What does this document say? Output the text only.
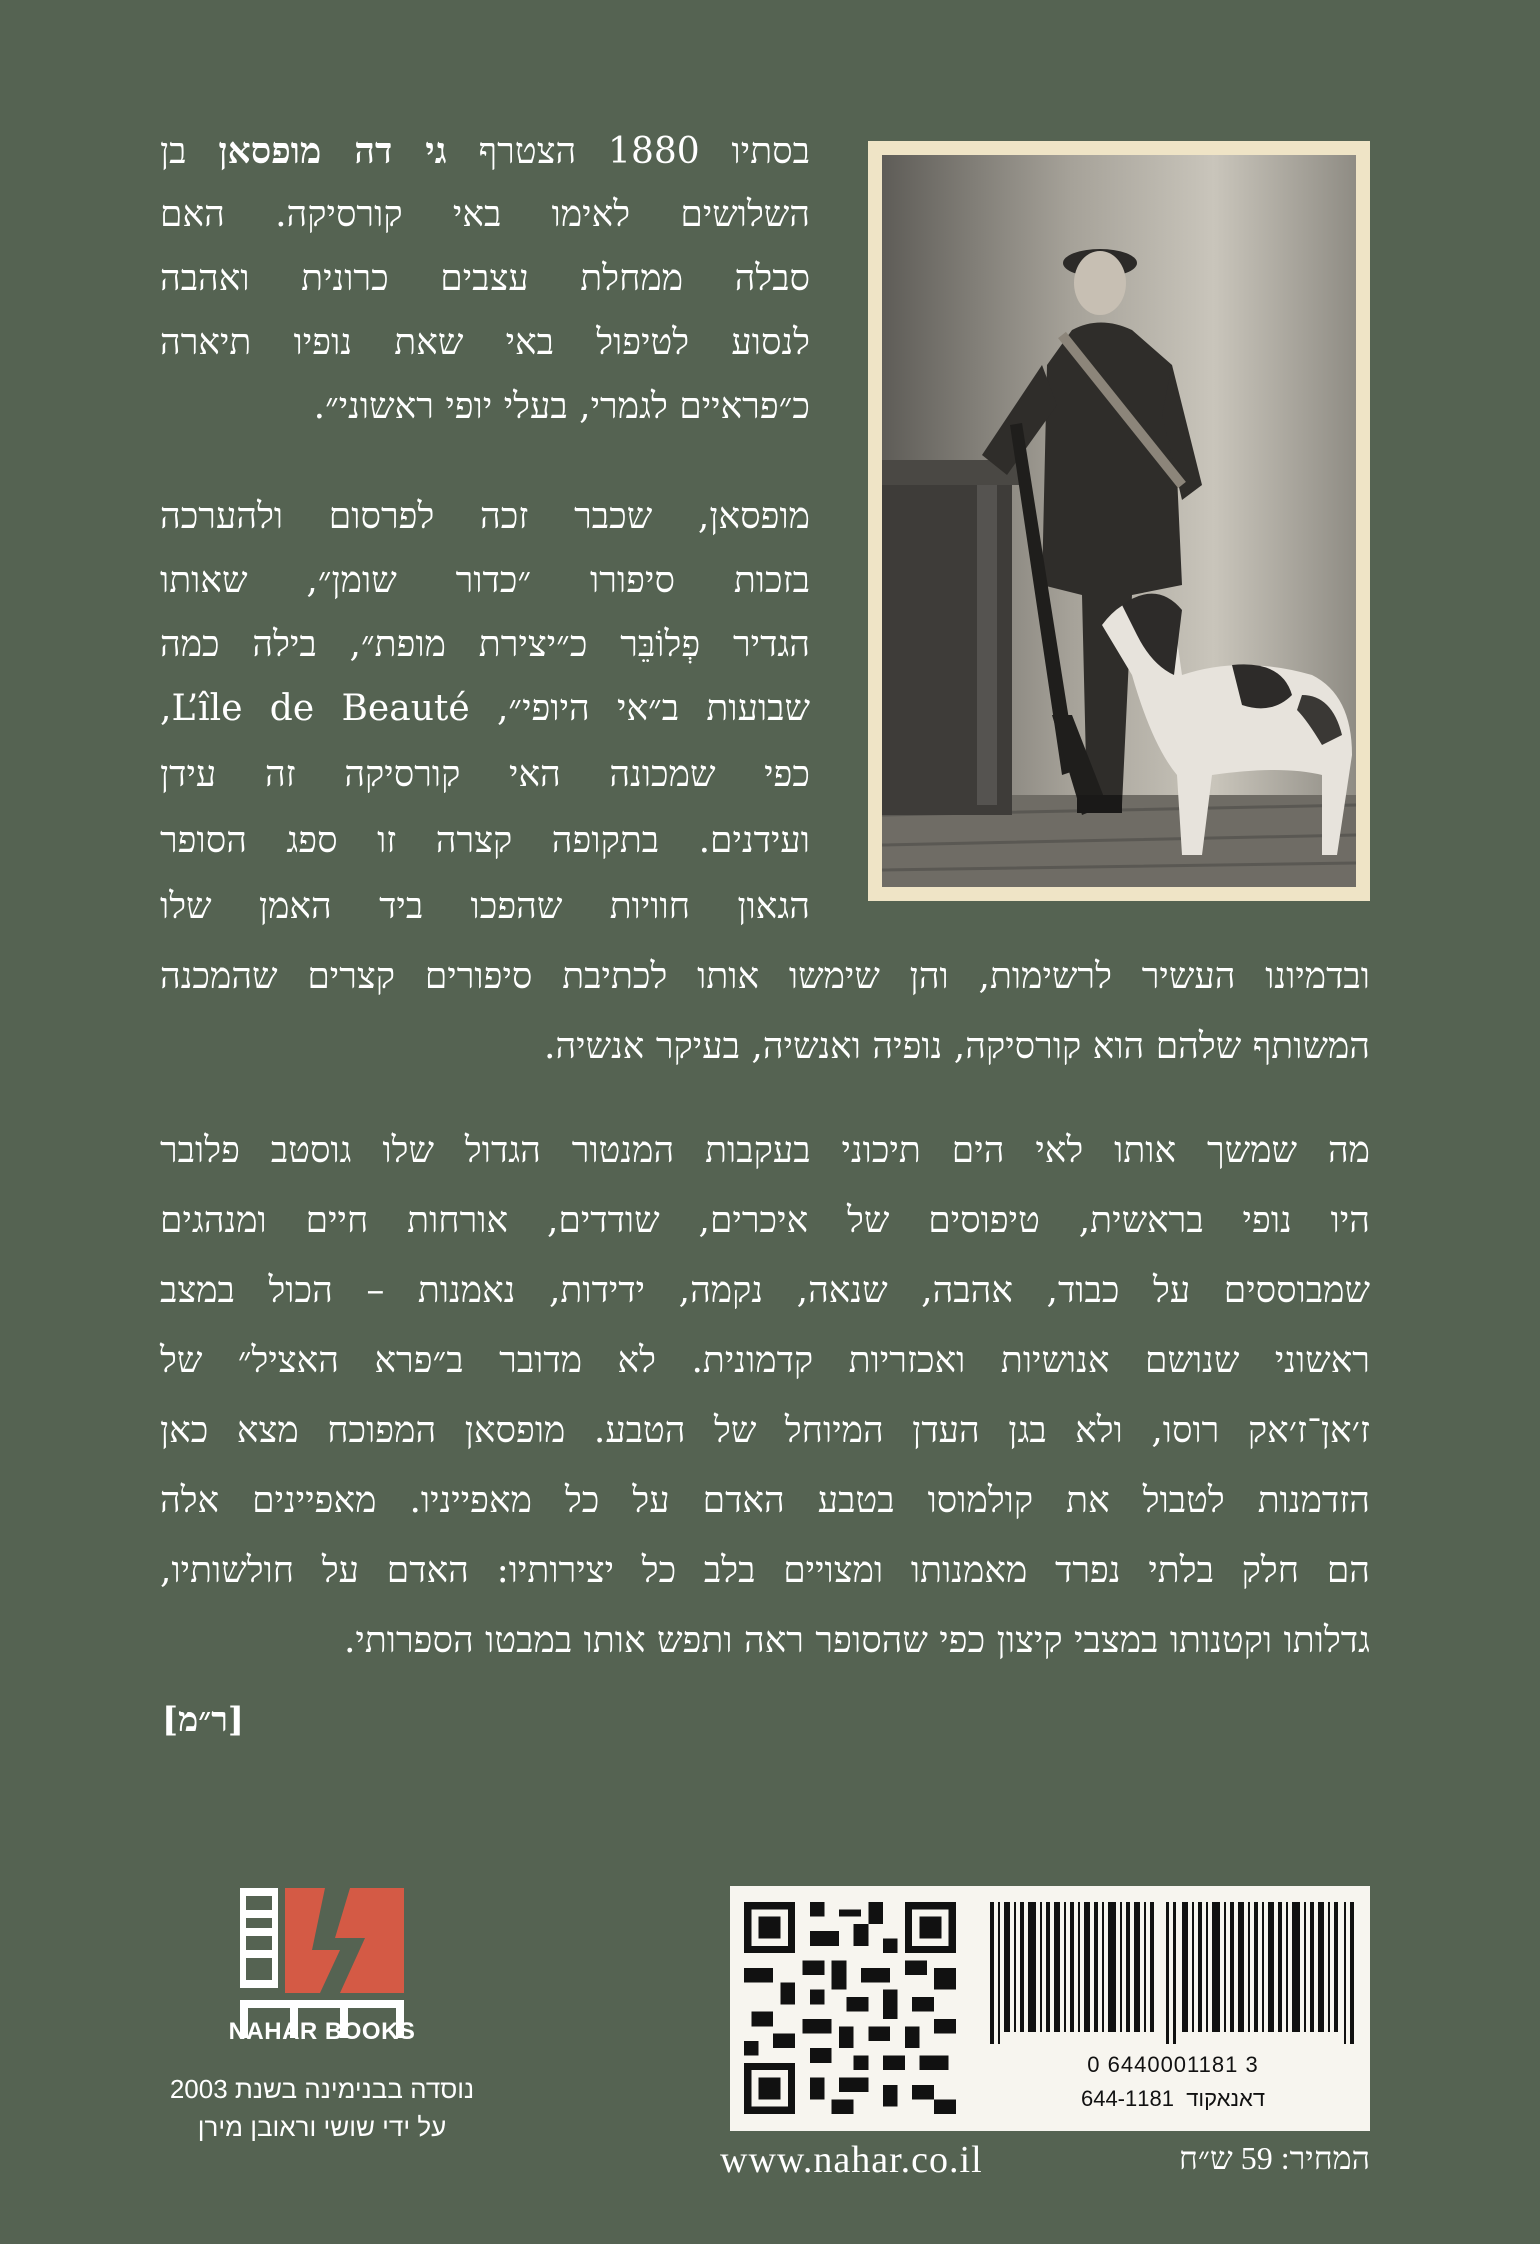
בסתיו 1880 הצטרף גי דה מופסאן בן
השלושים לאימו באי קורסיקה. האם
סבלה ממחלת עצבים כרונית ואהבה
לנסוע לטיפול באי שאת נופיו תיארה
כ״פראיים לגמרי, בעלי יופי ראשוני״.
מופסאן, שכבר זכה לפרסום ולהערכה
בזכות סיפורו ״כדור שומן״, שאותו
הגדיר פְלוֹבֵּר כ״יצירת מופת״, בילה כמה
שבועות ב״אי היופי״, L’île de Beauté,
כפי שמכונה האי קורסיקה זה עידן
ועידנים. בתקופה קצרה זו ספג הסופר
הגאון חוויות שהפכו ביד האמן שלו
ובדמיונו העשיר לרשימות, והן שימשו אותו לכתיבת סיפורים קצרים שהמכנה
המשותף שלהם הוא קורסיקה, נופיה ואנשיה, בעיקר אנשיה.
מה שמשך אותו לאי הים תיכוני בעקבות המנטור הגדול שלו גוסטב פלובר
היו נופי בראשית, טיפוסים של איכרים, שודדים, אורחות חיים ומנהגים
שמבוססים על כבוד, אהבה, שנאה, נקמה, ידידות, נאמנות – הכול במצב
ראשוני שנושם אנושיות ואכזריות קדמונית. לא מדובר ב״פרא האציל״ של
ז׳אן־ז׳אק רוסו, ולא בגן העדן המיוחל של הטבע. מופסאן המפוכח מצא כאן
הזדמנות לטבול את קולמוסו בטבע האדם על כל מאפייניו. מאפיינים אלה
הם חלק בלתי נפרד מאמנותו ומצויים בלב כל יצירותיו: האדם על חולשותיו,
גדלותו וקטנותו במצבי קיצון כפי שהסופר ראה ותפש אותו במבטו הספרותי.
[ר״מ]
NAHAR BOOKS
נוסדה בבנימינה בשנת 2003
על ידי שושי וראובן מירן
0 6440001181 3
דאנאקוד  644-1181
www.nahar.co.il	המחיר: 59 ש״ח
